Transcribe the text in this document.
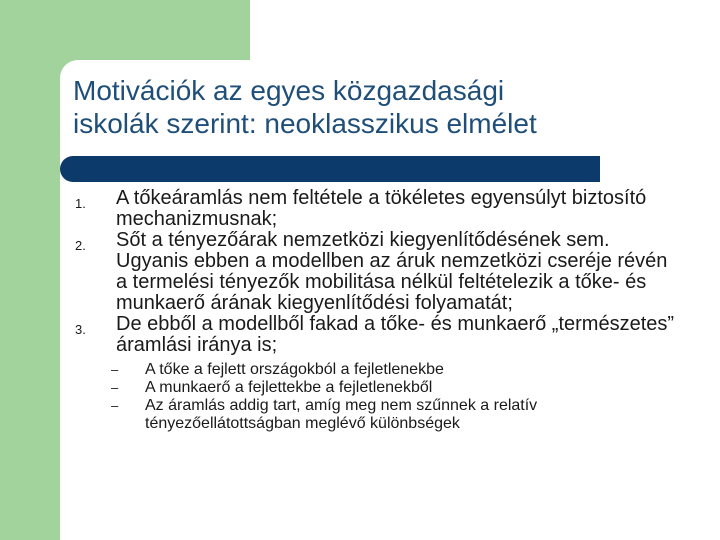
Motivációk az egyes közgazdasági
iskolák szerint: neoklasszikus elmélet
1.	A tőkeáramlás nem feltétele a tökéletes egyensúlyt biztosító mechanizmusnak;
2.	Sőt a tényezőárak nemzetközi kiegyenlítődésének sem. Ugyanis ebben a modellben az áruk nemzetközi cseréje révén a termelési tényezők mobilitása nélkül feltételezik a tőke- és munkaerő árának kiegyenlítődési folyamatát;
3.	De ebből a modellből fakad a tőke- és munkaerő „természetes” áramlási iránya is;
–	A tőke a fejlett országokból a fejletlenekbe
–	A munkaerő a fejlettekbe a fejletlenekből
–	Az áramlás addig tart, amíg meg nem szűnnek a relatív tényezőellátottságban meglévő különbségek
